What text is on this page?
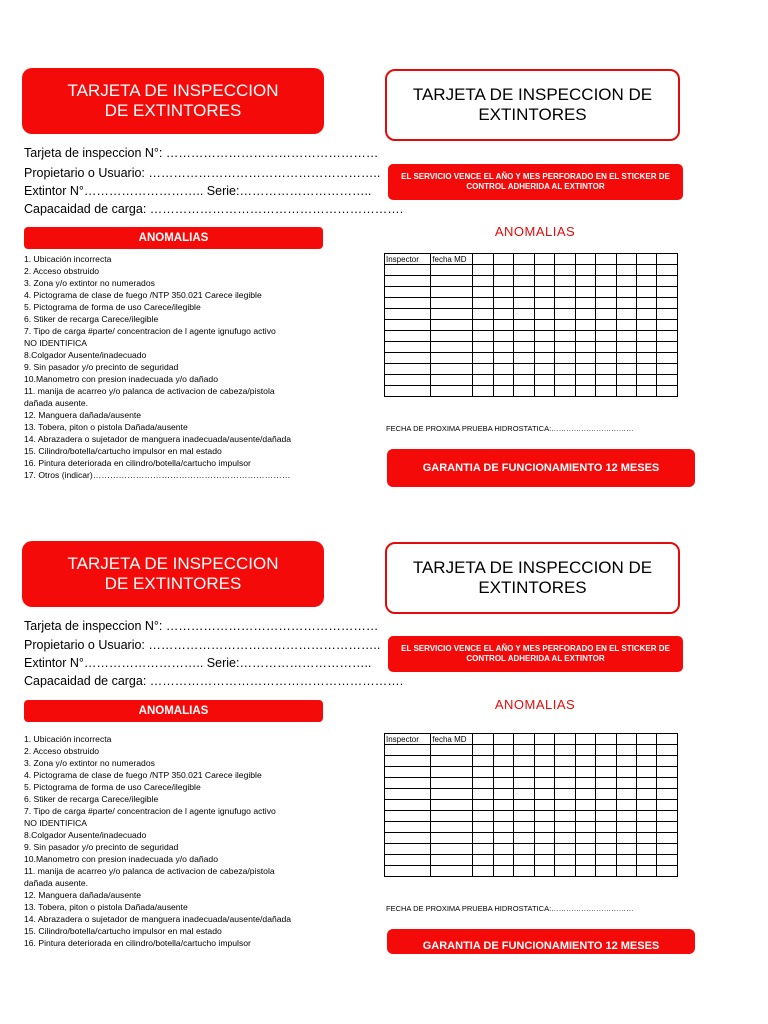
TARJETA DE INSPECCION DE EXTINTORES
Tarjeta de inspeccion N°: ……………………………………………
Propietario o Usuario: ………………………………………………..
Extintor N°……………………….. Serie:…………………………..
Capacaidad de carga: …………………………………………………….
ANOMALIAS
1. Ubicación incorrecta
2. Acceso obstruido
3. Zona y/o extintor no numerados
4. Pictograma de clase de fuego /NTP 350.021 Carece ilegible
5. Pictograma de forma de uso Carece/ilegible
6. Stiker de recarga Carece/ilegible
7. Tipo de carga #parte/ concentracion de l agente ignufugo activo
NO IDENTIFICA
8.Colgador Ausente/inadecuado
9. Sin pasador y/o precinto de seguridad
10.Manometro con presion inadecuada y/o dañado
11. manija de acarreo y/o palanca de activacion de cabeza/pistola
dañada ausente.
12. Manguera dañada/ausente
13. Tobera, piton o pistola Dañada/ausente
14. Abrazadera o sujetador de manguera inadecuada/ausente/dañada
15. Cilindro/botella/cartucho impulsor en mal estado
16. Pintura deteriorada en cilindro/botella/cartucho impulsor
17. Otros (indicar)……………………………………………………………
TARJETA DE INSPECCION DE EXTINTORES
EL SERVICIO VENCE EL AÑO Y MES PERFORADO EN EL STICKER DE CONTROL ADHERIDA AL EXTINTOR
ANOMALIAS
Inspector	fecha MD										

FECHA DE PROXIMA PRUEBA HIDROSTATICA:……………………………
GARANTIA DE FUNCIONAMIENTO 12 MESES
TARJETA DE INSPECCION DE EXTINTORES
Tarjeta de inspeccion N°: ……………………………………………
Propietario o Usuario: ………………………………………………..
Extintor N°……………………….. Serie:…………………………..
Capacaidad de carga: …………………………………………………….
ANOMALIAS
1. Ubicación incorrecta
2. Acceso obstruido
3. Zona y/o extintor no numerados
4. Pictograma de clase de fuego /NTP 350.021 Carece ilegible
5. Pictograma de forma de uso Carece/ilegible
6. Stiker de recarga Carece/ilegible
7. Tipo de carga #parte/ concentracion de l agente ignufugo activo
NO IDENTIFICA
8.Colgador Ausente/inadecuado
9. Sin pasador y/o precinto de seguridad
10.Manometro con presion inadecuada y/o dañado
11. manija de acarreo y/o palanca de activacion de cabeza/pistola
dañada ausente.
12. Manguera dañada/ausente
13. Tobera, piton o pistola Dañada/ausente
14. Abrazadera o sujetador de manguera inadecuada/ausente/dañada
15. Cilindro/botella/cartucho impulsor en mal estado
16. Pintura deteriorada en cilindro/botella/cartucho impulsor
TARJETA DE INSPECCION DE EXTINTORES
EL SERVICIO VENCE EL AÑO Y MES PERFORADO EN EL STICKER DE CONTROL ADHERIDA AL EXTINTOR
ANOMALIAS
Inspector	fecha MD										

FECHA DE PROXIMA PRUEBA HIDROSTATICA:……………………………
GARANTIA DE FUNCIONAMIENTO 12 MESES
